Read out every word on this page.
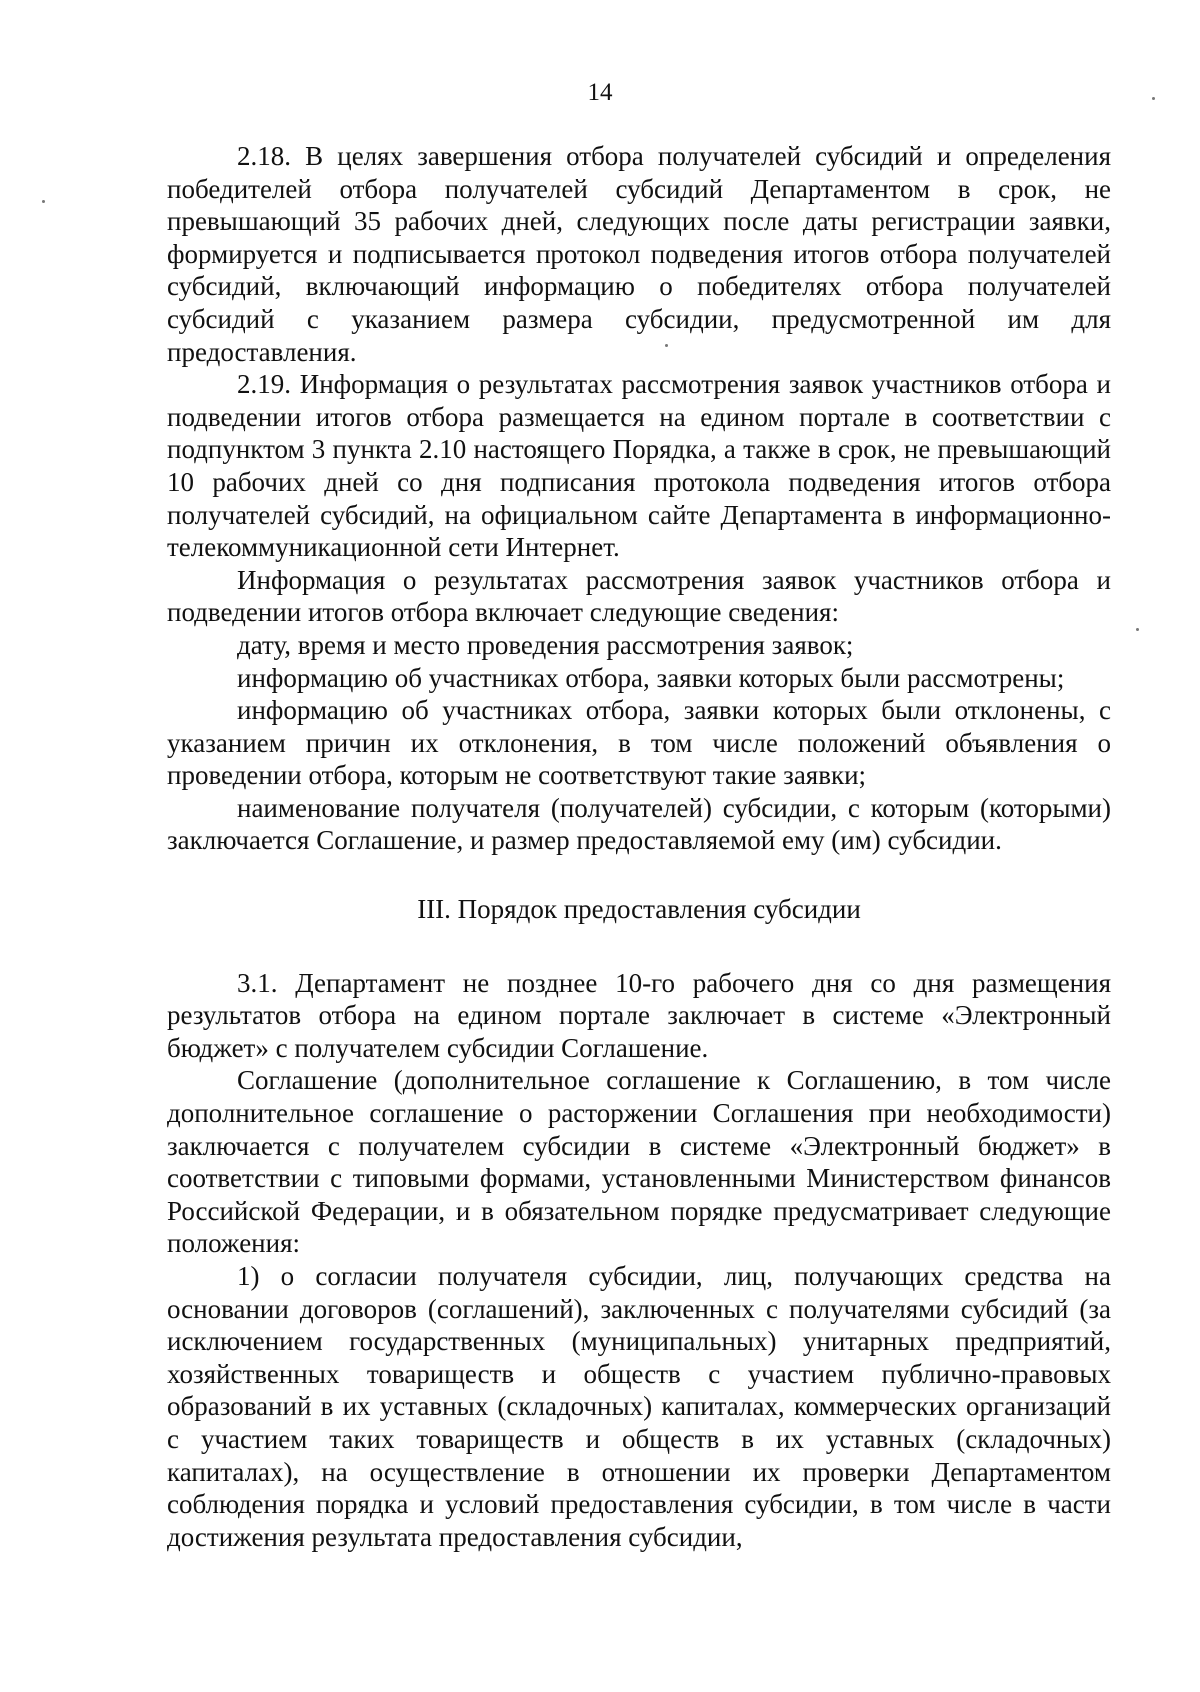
14

2.18. В целях завершения отбора получателей субсидий и определения победителей отбора получателей субсидий Департаментом в срок, не превышающий 35 рабочих дней, следующих после даты регистрации заявки, формируется и подписывается протокол подведения итогов отбора получателей субсидий, включающий информацию о победителях отбора получателей субсидий с указанием размера субсидии, предусмотренной им для предоставления.

2.19. Информация о результатах рассмотрения заявок участников отбора и подведении итогов отбора размещается на едином портале в соответствии с подпунктом 3 пункта 2.10 настоящего Порядка, а также в срок, не превышающий 10 рабочих дней со дня подписания протокола подведения итогов отбора получателей субсидий, на официальном сайте Департамента в информационно-телекоммуникационной сети Интернет.

Информация о результатах рассмотрения заявок участников отбора и подведении итогов отбора включает следующие сведения:

дату, время и место проведения рассмотрения заявок;

информацию об участниках отбора, заявки которых были рассмотрены;

информацию об участниках отбора, заявки которых были отклонены, с указанием причин их отклонения, в том числе положений объявления о проведении отбора, которым не соответствуют такие заявки;

наименование получателя (получателей) субсидии, с которым (которыми) заключается Соглашение, и размер предоставляемой ему (им) субсидии.

III. Порядок предоставления субсидии

3.1. Департамент не позднее 10-го рабочего дня со дня размещения результатов отбора на едином портале заключает в системе «Электронный бюджет» с получателем субсидии Соглашение.

Соглашение (дополнительное соглашение к Соглашению, в том числе дополнительное соглашение о расторжении Соглашения при необходимости) заключается с получателем субсидии в системе «Электронный бюджет» в соответствии с типовыми формами, установленными Министерством финансов Российской Федерации, и в обязательном порядке предусматривает следующие положения:

1) о согласии получателя субсидии, лиц, получающих средства на основании договоров (соглашений), заключенных с получателями субсидий (за исключением государственных (муниципальных) унитарных предприятий, хозяйственных товариществ и обществ с участием публично-правовых образований в их уставных (складочных) капиталах, коммерческих организаций с участием таких товариществ и обществ в их уставных (складочных) капиталах), на осуществление в отношении их проверки Департаментом соблюдения порядка и условий предоставления субсидии, в том числе в части достижения результата предоставления субсидии,
